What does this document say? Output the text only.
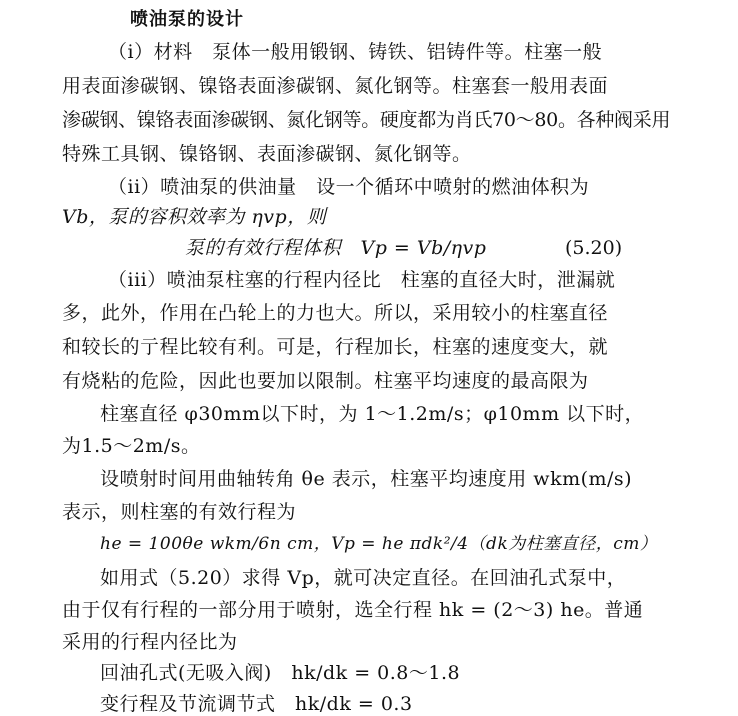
喷油泵的设计
（ⅰ）材料　泵体一般用锻钢、铸铁、铝铸件等。柱塞一般
用表面渗碳钢、镍铬表面渗碳钢、氮化钢等。柱塞套一般用表面
渗碳钢、镍铬表面渗碳钢、氮化钢等。硬度都为肖氏70～80。各种阀采用
特殊工具钢、镍铬钢、表面渗碳钢、氮化钢等。
（ii）喷油泵的供油量　设一个循环中喷射的燃油体积为
Vb，泵的容积效率为 ηvp，则
泵的有效行程体积　Vp = Vb/ηvp	(5.20)
（iii）喷油泵柱塞的行程内径比　柱塞的直径大时，泄漏就
多，此外，作用在凸轮上的力也大。所以，采用较小的柱塞直径
和较长的亍程比较有利。可是，行程加长，柱塞的速度变大，就
有烧粘的危险，因此也要加以限制。柱塞平均速度的最高限为
柱塞直径 φ30mm以下时，为 1～1.2m/s；φ10mm 以下时，
为1.5～2m/s。
设喷射时间用曲轴转角 θe 表示，柱塞平均速度用 wkm(m/s)
表示，则柱塞的有效行程为
he = 100θe wkm/6n cm，Vp = he πdk²/4（dk为柱塞直径，cm）
如用式（5.20）求得 Vp，就可决定直径。在回油孔式泵中，
由于仅有行程的一部分用于喷射，选全行程 hk = (2～3) he。普通
采用的行程内径比为
回油孔式(无吸入阀)　hk/dk = 0.8～1.8
变行程及节流调节式　hk/dk = 0.3
